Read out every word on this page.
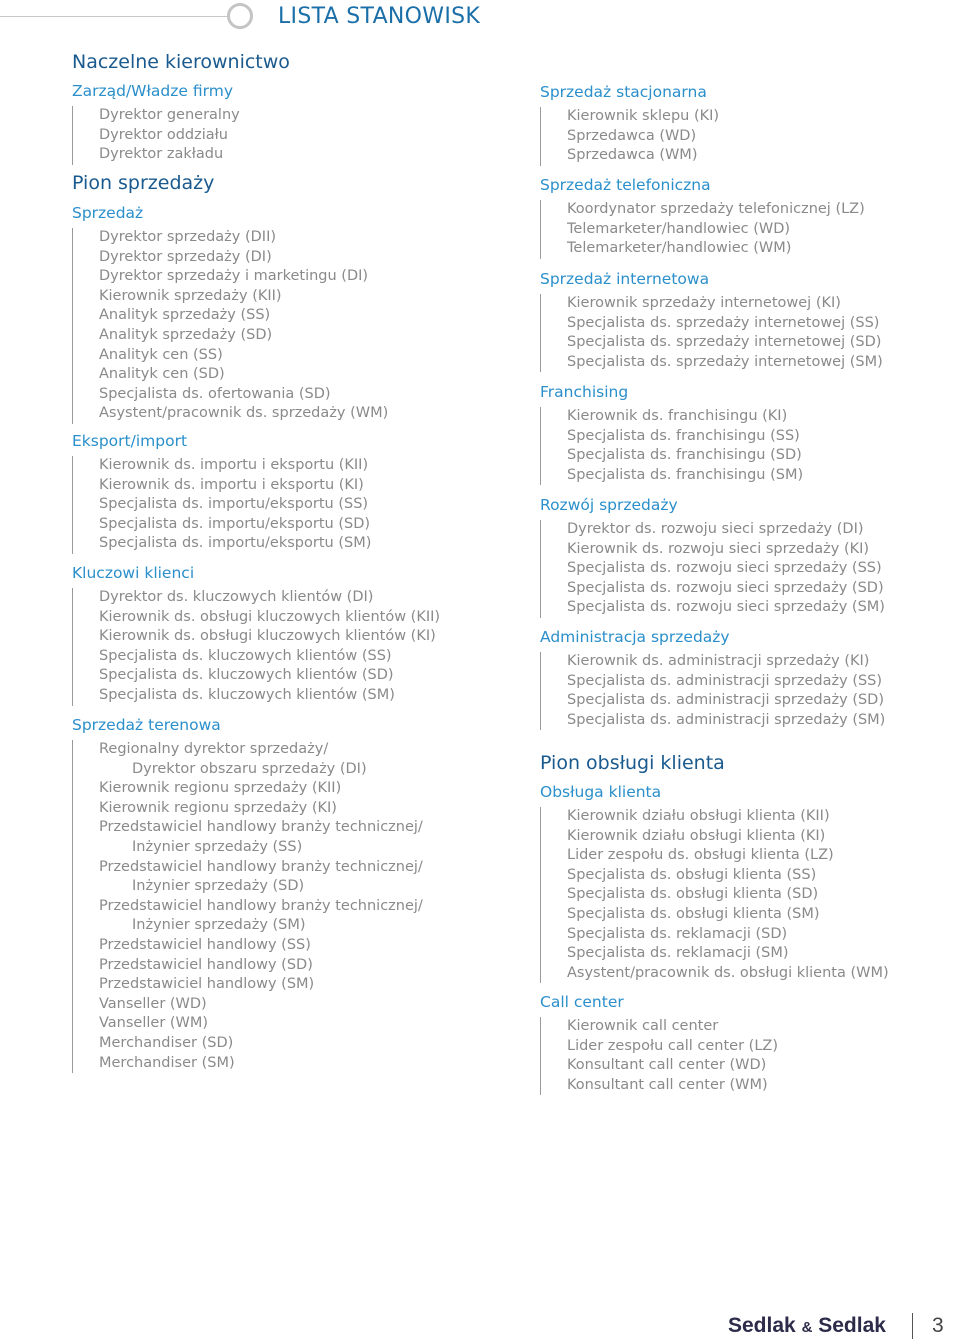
LISTA STANOWISK
Naczelne kierownictwo
Zarząd/Władze firmy
Dyrektor generalny
Dyrektor oddziału
Dyrektor zakładu
Pion sprzedaży
Sprzedaż
Dyrektor sprzedaży (DII)
Dyrektor sprzedaży (DI)
Dyrektor sprzedaży i marketingu (DI)
Kierownik sprzedaży (KII)
Analityk sprzedaży (SS)
Analityk sprzedaży (SD)
Analityk cen (SS)
Analityk cen (SD)
Specjalista ds. ofertowania (SD)
Asystent/pracownik ds. sprzedaży (WM)
Eksport/import
Kierownik ds. importu i eksportu (KII)
Kierownik ds. importu i eksportu (KI)
Specjalista ds. importu/eksportu (SS)
Specjalista ds. importu/eksportu (SD)
Specjalista ds. importu/eksportu (SM)
Kluczowi klienci
Dyrektor ds. kluczowych klientów (DI)
Kierownik ds. obsługi kluczowych klientów (KII)
Kierownik ds. obsługi kluczowych klientów (KI)
Specjalista ds. kluczowych klientów (SS)
Specjalista ds. kluczowych klientów (SD)
Specjalista ds. kluczowych klientów (SM)
Sprzedaż terenowa
Regionalny dyrektor sprzedaży/
Dyrektor obszaru sprzedaży (DI)
Kierownik regionu sprzedaży (KII)
Kierownik regionu sprzedaży (KI)
Przedstawiciel handlowy branży technicznej/
Inżynier sprzedaży (SS)
Przedstawiciel handlowy branży technicznej/
Inżynier sprzedaży (SD)
Przedstawiciel handlowy branży technicznej/
Inżynier sprzedaży (SM)
Przedstawiciel handlowy (SS)
Przedstawiciel handlowy (SD)
Przedstawiciel handlowy (SM)
Vanseller (WD)
Vanseller (WM)
Merchandiser (SD)
Merchandiser (SM)
Sprzedaż stacjonarna
Kierownik sklepu (KI)
Sprzedawca (WD)
Sprzedawca (WM)
Sprzedaż telefoniczna
Koordynator sprzedaży telefonicznej (LZ)
Telemarketer/handlowiec (WD)
Telemarketer/handlowiec (WM)
Sprzedaż internetowa
Kierownik sprzedaży internetowej (KI)
Specjalista ds. sprzedaży internetowej (SS)
Specjalista ds. sprzedaży internetowej (SD)
Specjalista ds. sprzedaży internetowej (SM)
Franchising
Kierownik ds. franchisingu (KI)
Specjalista ds. franchisingu (SS)
Specjalista ds. franchisingu (SD)
Specjalista ds. franchisingu (SM)
Rozwój sprzedaży
Dyrektor ds. rozwoju sieci sprzedaży (DI)
Kierownik ds. rozwoju sieci sprzedaży (KI)
Specjalista ds. rozwoju sieci sprzedaży (SS)
Specjalista ds. rozwoju sieci sprzedaży (SD)
Specjalista ds. rozwoju sieci sprzedaży (SM)
Administracja sprzedaży
Kierownik ds. administracji sprzedaży (KI)
Specjalista ds. administracji sprzedaży (SS)
Specjalista ds. administracji sprzedaży (SD)
Specjalista ds. administracji sprzedaży (SM)
Pion obsługi klienta
Obsługa klienta
Kierownik działu obsługi klienta (KII)
Kierownik działu obsługi klienta (KI)
Lider zespołu ds. obsługi klienta (LZ)
Specjalista ds. obsługi klienta (SS)
Specjalista ds. obsługi klienta (SD)
Specjalista ds. obsługi klienta (SM)
Specjalista ds. reklamacji (SD)
Specjalista ds. reklamacji (SM)
Asystent/pracownik ds. obsługi klienta (WM)
Call center
Kierownik call center
Lider zespołu call center (LZ)
Konsultant call center (WD)
Konsultant call center (WM)
Sedlak & Sedlak 3
